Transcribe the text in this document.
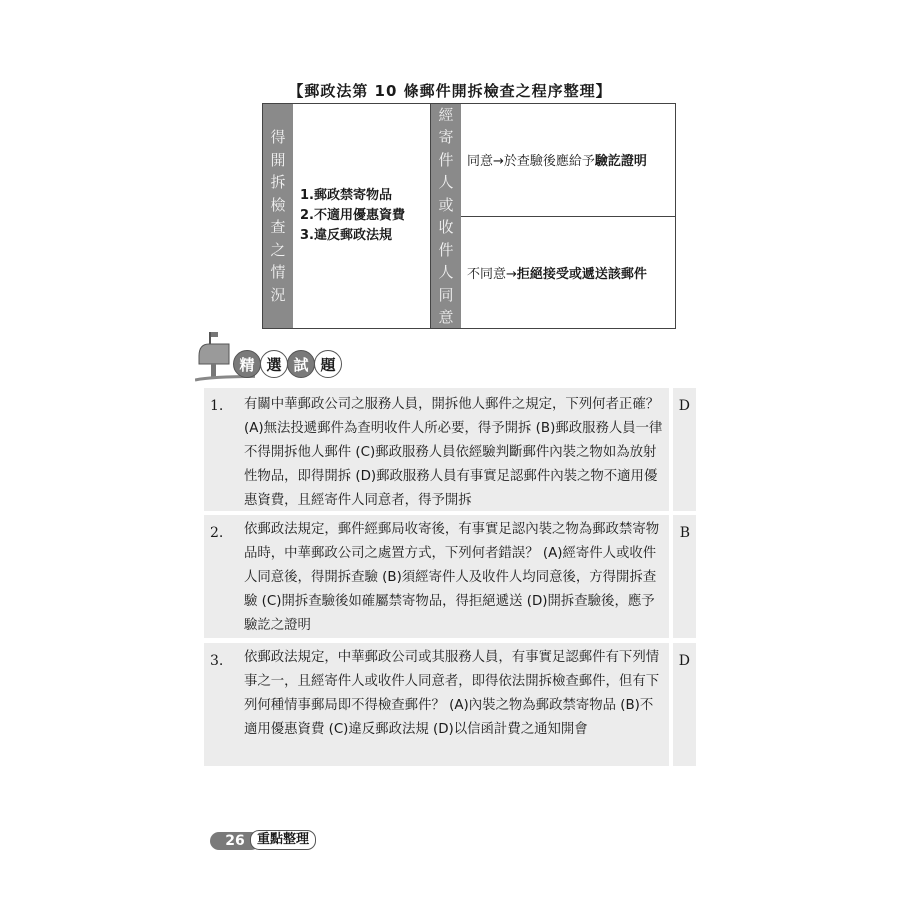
【郵政法第 10 條郵件開拆檢查之程序整理】
得
開
拆
檢
查
之
情
況
1.郵政禁寄物品
2.不適用優惠資費
3.違反郵政法規
經
寄
件
人
或
收
件
人
同
意
同意→於查驗後應給予 驗訖證明
不同意→ 拒絕接受或遞送該郵件
精 選 試 題
1. 有關中華郵政公司之服務人員，開拆他人郵件之規定，下列何者正確？ (A)無法投遞郵件為查明收件人所必要，得予開拆 (B)郵政服務人員一律不得開拆他人郵件 (C)郵政服務人員依經驗判斷郵件內裝之物如為放射性物品，即得開拆 (D)郵政服務人員有事實足認郵件內裝之物不適用優惠資費，且經寄件人同意者，得予開拆
D
2. 依郵政法規定，郵件經郵局收寄後，有事實足認內裝之物為郵政禁寄物品時，中華郵政公司之處置方式，下列何者錯誤？ (A)經寄件人或收件人同意後，得開拆查驗 (B)須經寄件人及收件人均同意後，方得開拆查驗 (C)開拆查驗後如確屬禁寄物品，得拒絕遞送 (D)開拆查驗後，應予驗訖之證明
B
3. 依郵政法規定，中華郵政公司或其服務人員，有事實足認郵件有下列情事之一，且經寄件人或收件人同意者，即得依法開拆檢查郵件，但有下列何種情事郵局即不得檢查郵件？ (A)內裝之物為郵政禁寄物品 (B)不適用優惠資費 (C)違反郵政法規 (D)以信函計費之通知開會
D
26 重點整理
